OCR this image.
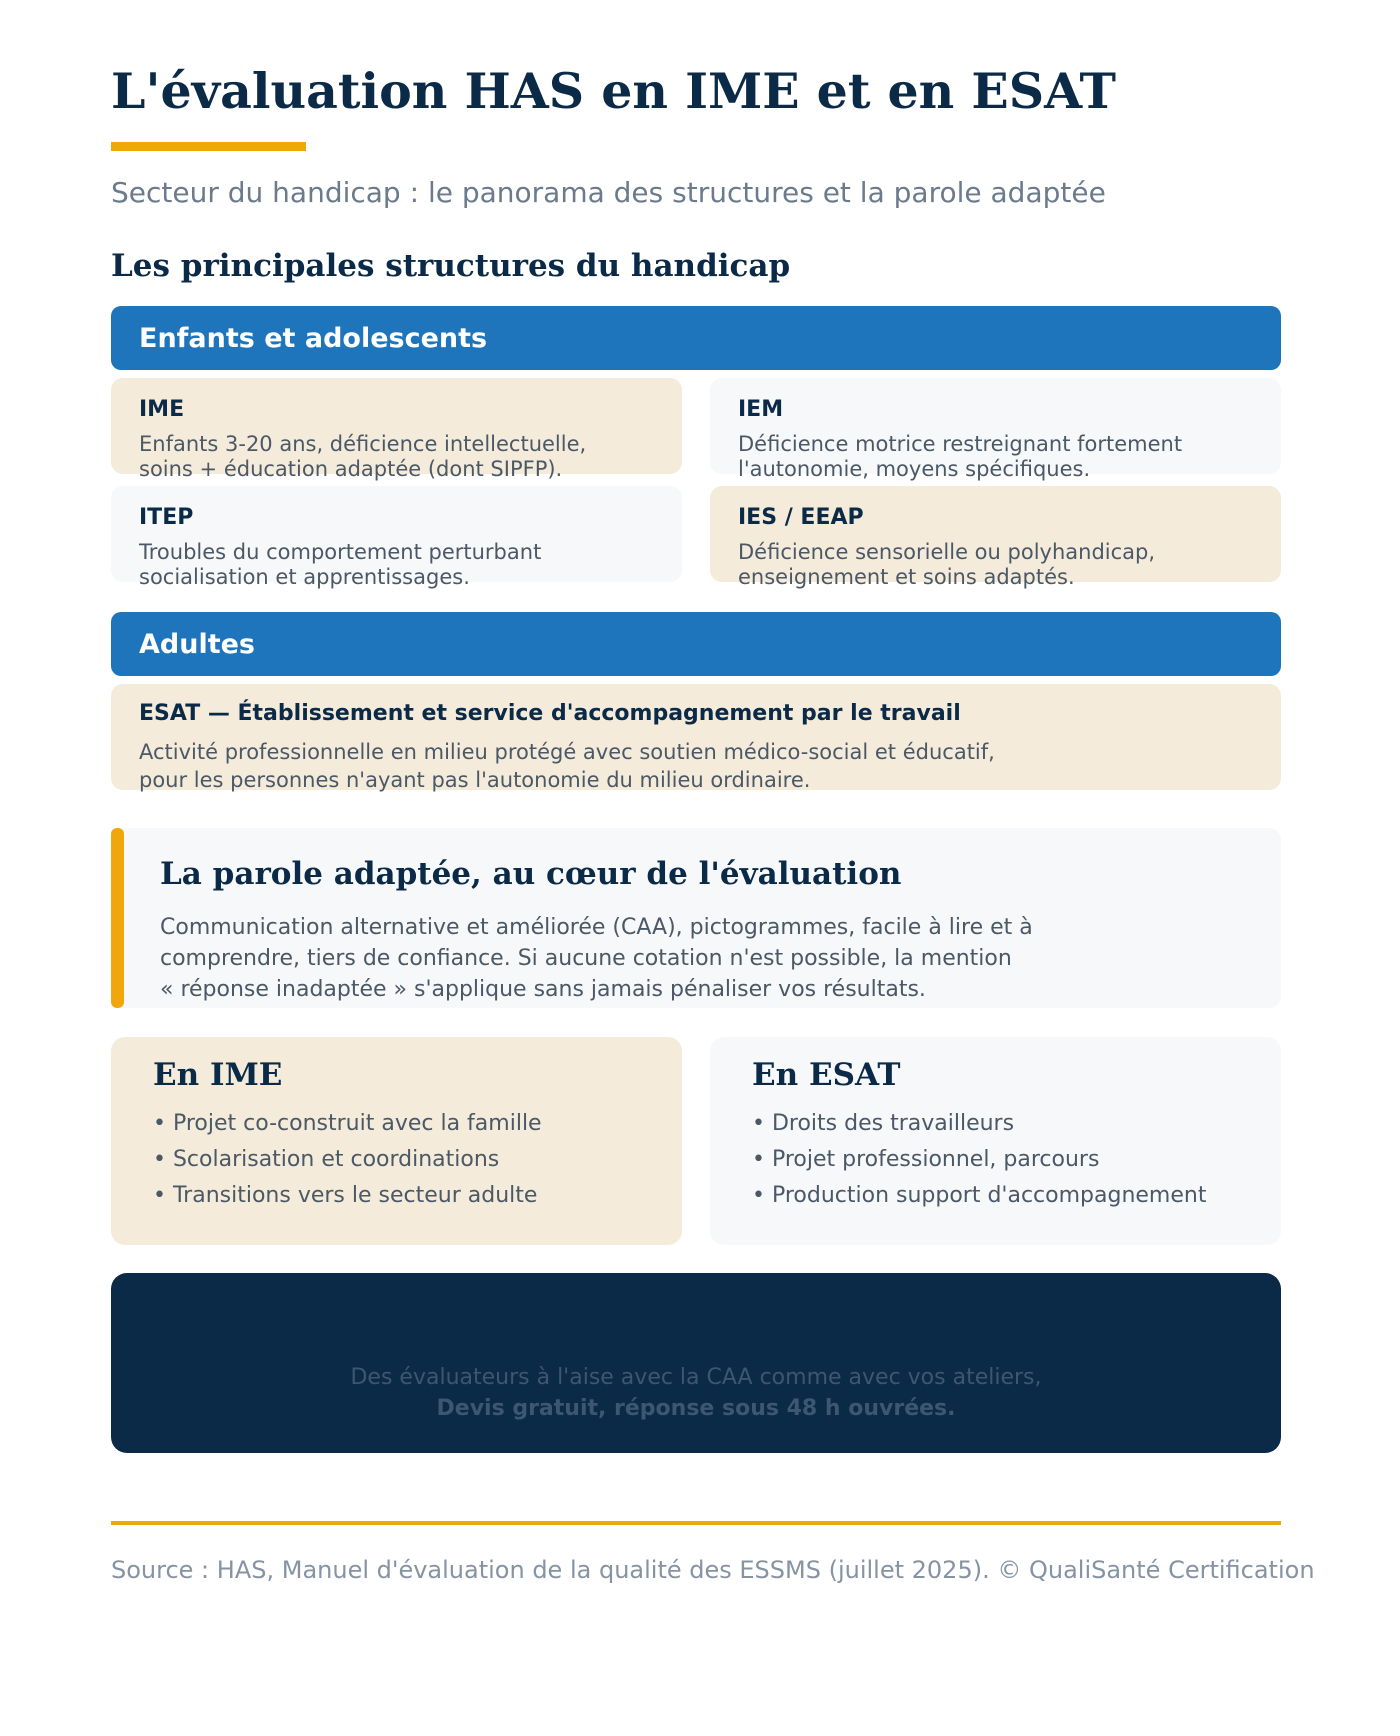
L'évaluation HAS en IME et en ESAT
Secteur du handicap : le panorama des structures et la parole adaptée
Les principales structures du handicap
Enfants et adolescents
IME
Enfants 3-20 ans, déficience intellectuelle,
soins + éducation adaptée (dont SIPFP).
IEM
Déficience motrice restreignant fortement
l'autonomie, moyens spécifiques.
ITEP
Troubles du comportement perturbant
socialisation et apprentissages.
IES / EEAP
Déficience sensorielle ou polyhandicap,
enseignement et soins adaptés.
Adultes
ESAT — Établissement et service d'accompagnement par le travail
Activité professionnelle en milieu protégé avec soutien médico-social et éducatif,
pour les personnes n'ayant pas l'autonomie du milieu ordinaire.
La parole adaptée, au cœur de l'évaluation
Communication alternative et améliorée (CAA), pictogrammes, facile à lire et à
comprendre, tiers de confiance. Si aucune cotation n'est possible, la mention
« réponse inadaptée » s'applique sans jamais pénaliser vos résultats.
En IME
• Projet co-construit avec la famille
• Scolarisation et coordinations
• Transitions vers le secteur adulte
En ESAT
• Droits des travailleurs
• Projet professionnel, parcours
• Production support d'accompagnement
Des évaluateurs à l'aise avec la CAA comme avec vos ateliers,
Devis gratuit, réponse sous 48 h ouvrées.
Source : HAS, Manuel d'évaluation de la qualité des ESSMS (juillet 2025). © QualiSanté Certification
